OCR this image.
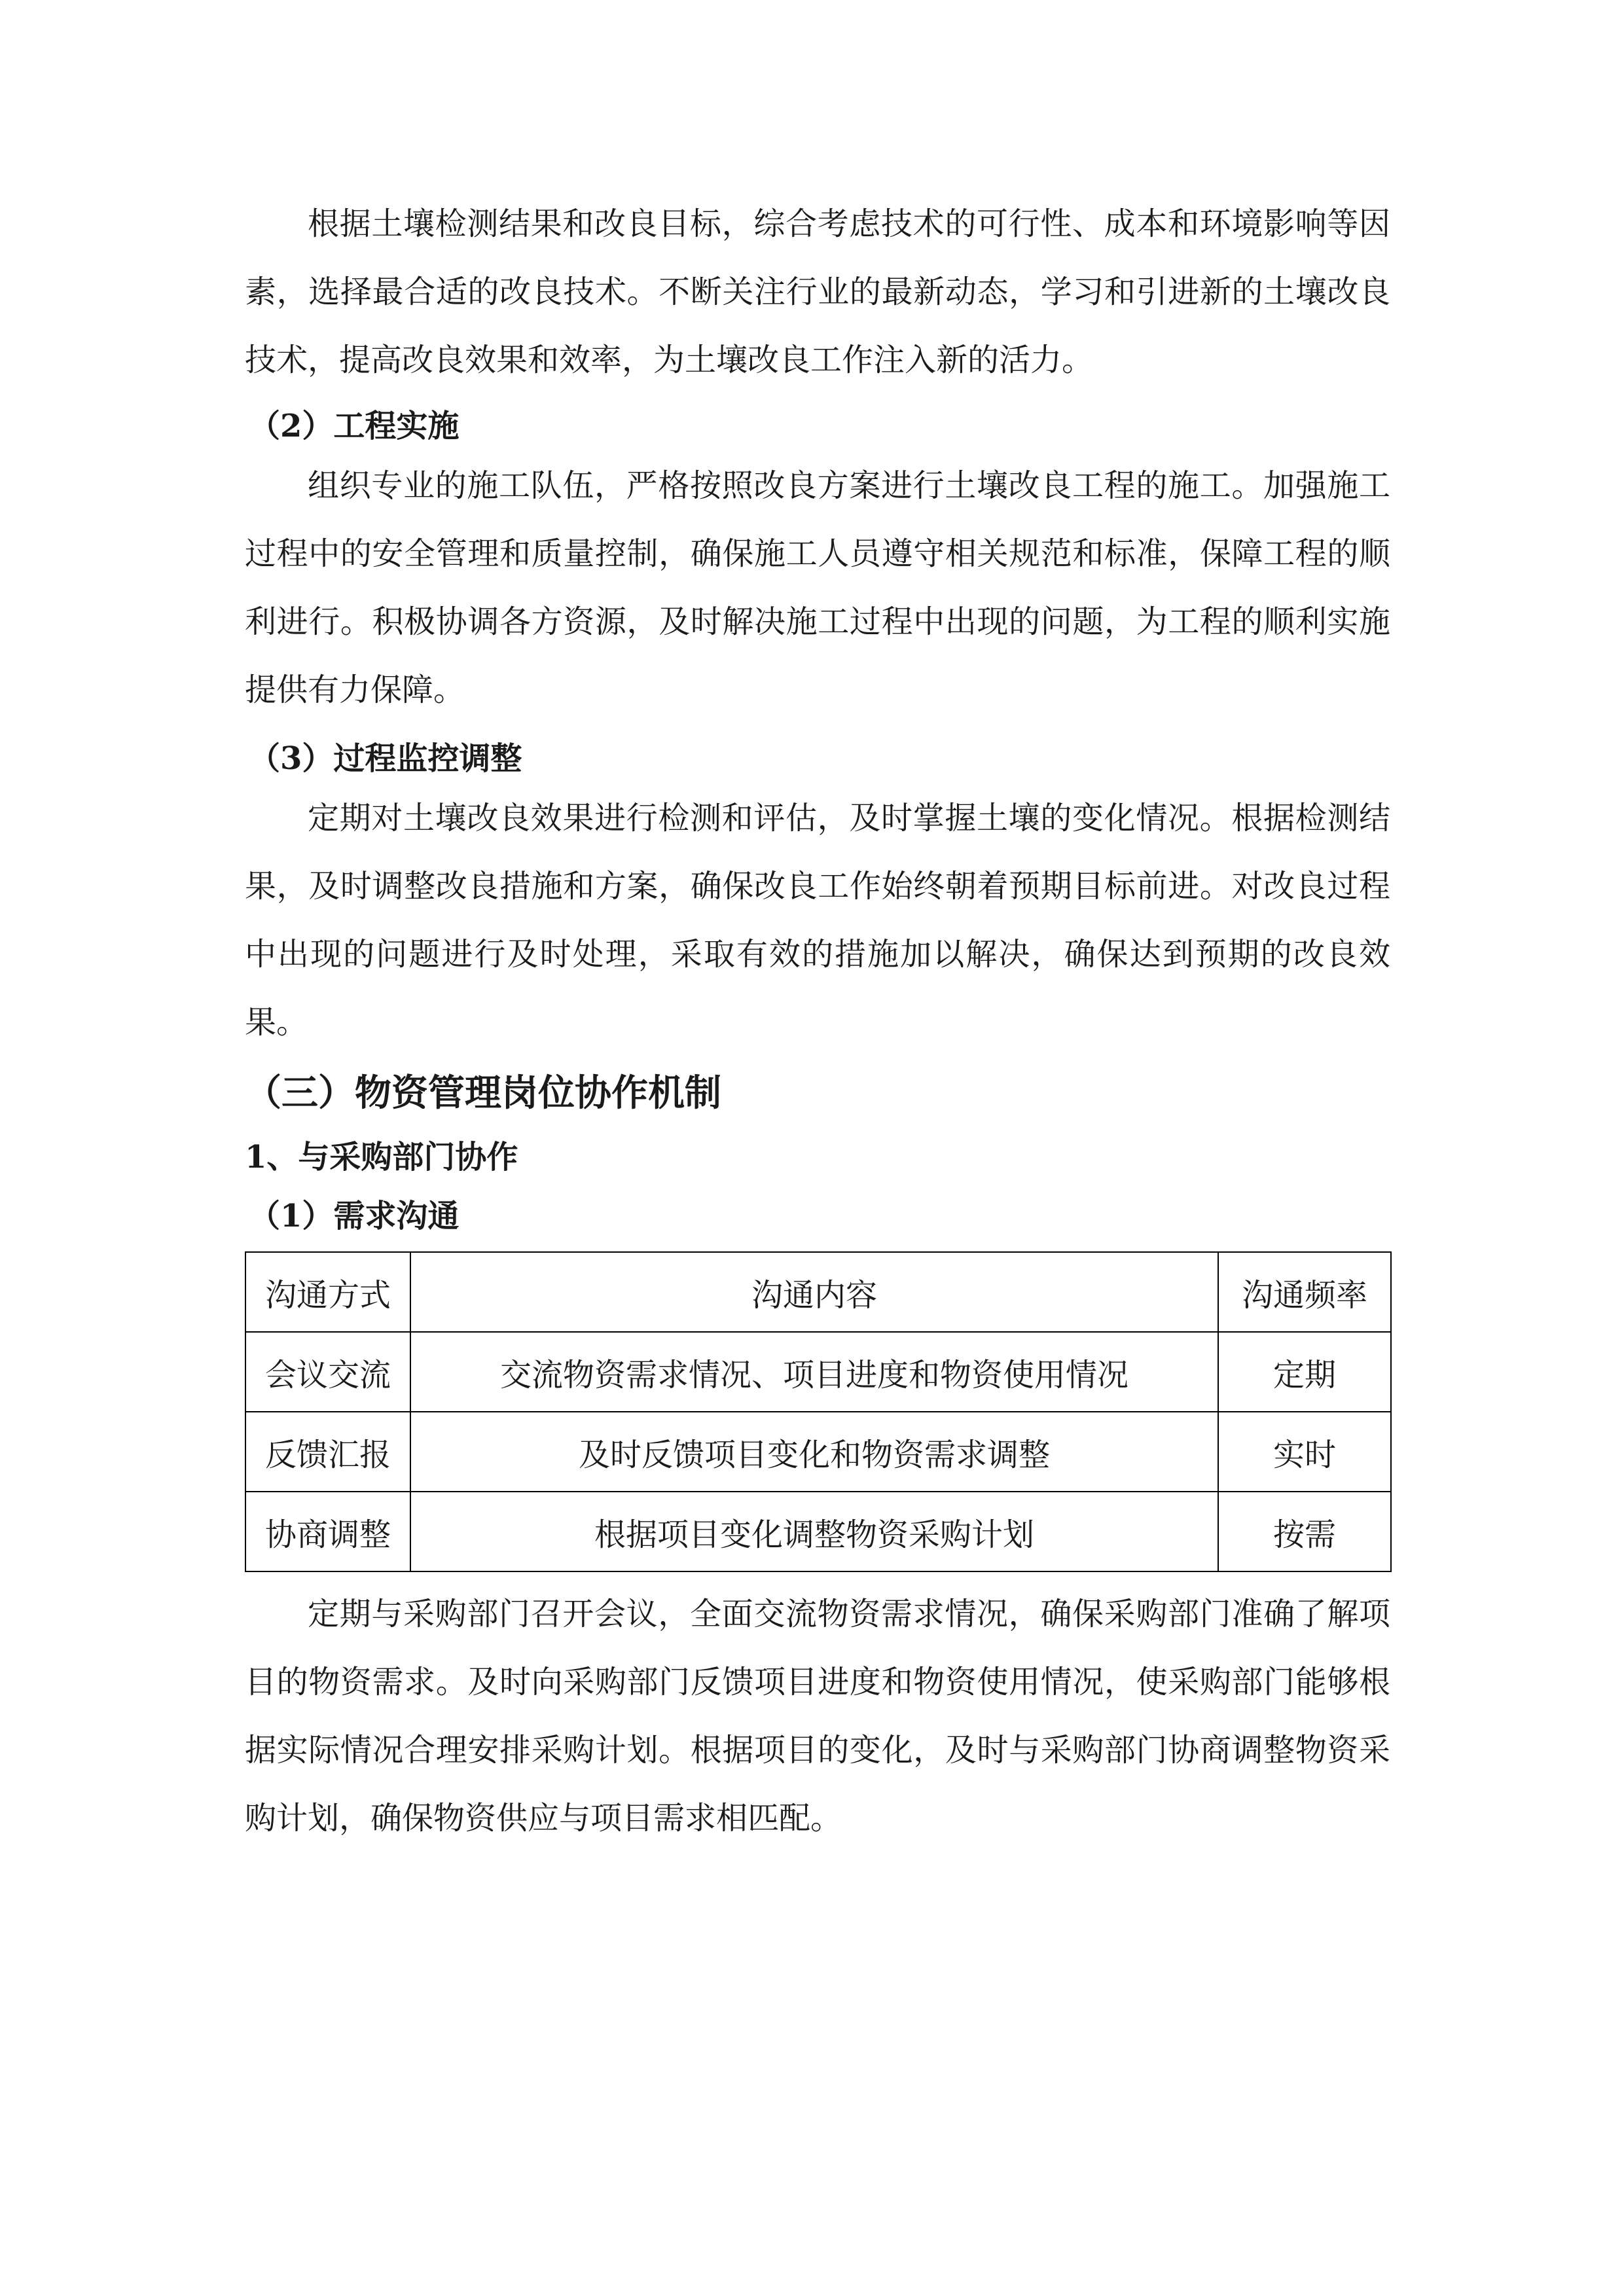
根据土壤检测结果和改良目标，综合考虑技术的可行性、成本和环境影响等因素，选择最合适的改良技术。不断关注行业的最新动态，学习和引进新的土壤改良技术，提高改良效果和效率，为土壤改良工作注入新的活力。

（2）工程实施

组织专业的施工队伍，严格按照改良方案进行土壤改良工程的施工。加强施工过程中的安全管理和质量控制，确保施工人员遵守相关规范和标准，保障工程的顺利进行。积极协调各方资源，及时解决施工过程中出现的问题，为工程的顺利实施提供有力保障。

（3）过程监控调整

定期对土壤改良效果进行检测和评估，及时掌握土壤的变化情况。根据检测结果，及时调整改良措施和方案，确保改良工作始终朝着预期目标前进。对改良过程中出现的问题进行及时处理，采取有效的措施加以解决，确保达到预期的改良效果。

（三）物资管理岗位协作机制
1、与采购部门协作
（1）需求沟通
沟通方式	沟通内容	沟通频率
会议交流	交流物资需求情况、项目进度和物资使用情况	定期
反馈汇报	及时反馈项目变化和物资需求调整	实时
协商调整	根据项目变化调整物资采购计划	按需

定期与采购部门召开会议，全面交流物资需求情况，确保采购部门准确了解项目的物资需求。及时向采购部门反馈项目进度和物资使用情况，使采购部门能够根据实际情况合理安排采购计划。根据项目的变化，及时与采购部门协商调整物资采购计划，确保物资供应与项目需求相匹配。
